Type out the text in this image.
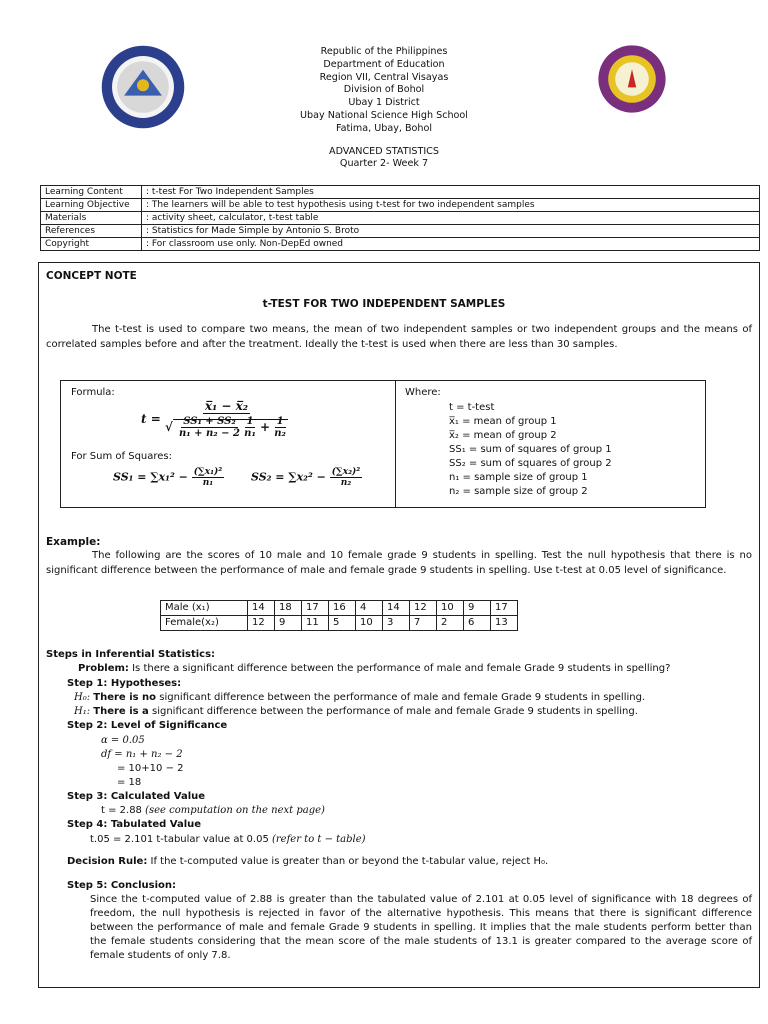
Republic of the Philippines
Department of Education
Region VII, Central Visayas
Division of Bohol
Ubay 1 District
Ubay National Science High School
Fatima, Ubay, Bohol
ADVANCED STATISTICS
Quarter 2- Week 7
Learning Content	: t-test For Two Independent Samples
Learning Objective	: The learners will be able to test hypothesis using t-test for two independent samples
Materials	: activity sheet, calculator, t-test table
References	: Statistics for Made Simple by Antonio S. Broto
Copyright	: For classroom use only. Non-DepEd owned
CONCEPT NOTE
t-TEST FOR TWO INDEPENDENT SAMPLES
The t-test is used to compare two means, the mean of two independent samples or two independent groups and the means of correlated samples before and after the treatment. Ideally the t-test is used when there are less than 30 samples.
Formula:
t = x̅₁ − x̅₂
√ $\frac{\text{SS₁ + SS₂}}{\text{n₁ + n₂ − 2}}$
$\frac{1}{\text{n₁}} + \frac{1}{\text{n₂}}$
For Sum of Squares:
$SS_1 = \sum x_1^2 - \frac{\text{(∑x₁)²}}{\text{n₁}} SS_2 = \sum x_2^2 - \frac{\text{(∑x₂)²}}{\text{n₂}}$
Where:
t = t-test
x̅₁ = mean of group 1
x̅₂ = mean of group 2
SS₁ = sum of squares of group 1
SS₂ = sum of squares of group 2
n₁ = sample size of group 1
n₂ = sample size of group 2
Example:
The following are the scores of 10 male and 10 female grade 9 students in spelling. Test the null hypothesis that there is no significant difference between the performance of male and female grade 9 students in spelling. Use t-test at 0.05 level of significance.
Male (x₁)	14	18	17	16	4	14	12	10	9	17
Female(x₂)	12	9	11	5	10	3	7	2	6	13
Steps in Inferential Statistics:
Problem: Is there a significant difference between the performance of male and female Grade 9 students in spelling?
Step 1: Hypotheses:
H₀: There is no significant difference between the performance of male and female Grade 9 students in spelling.
H₁: There is a significant difference between the performance of male and female Grade 9 students in spelling.
Step 2: Level of Significance
α = 0.05
df = n₁ + n₂ − 2
= 10+10 − 2
= 18
Step 3: Calculated Value
t = 2.88 (see computation on the next page)
Step 4: Tabulated Value
t.05 = 2.101 t-tabular value at 0.05 (refer to t − table)
Decision Rule: If the t-computed value is greater than or beyond the t-tabular value, reject H₀.
Step 5: Conclusion:
Since the t-computed value of 2.88 is greater than the tabulated value of 2.101 at 0.05 level of significance with 18 degrees of freedom, the null hypothesis is rejected in favor of the alternative hypothesis. This means that there is significant difference between the performance of male and female Grade 9 students in spelling. It implies that the male students perform better than the female students considering that the mean score of the male students of 13.1 is greater compared to the average score of female students of only 7.8.
